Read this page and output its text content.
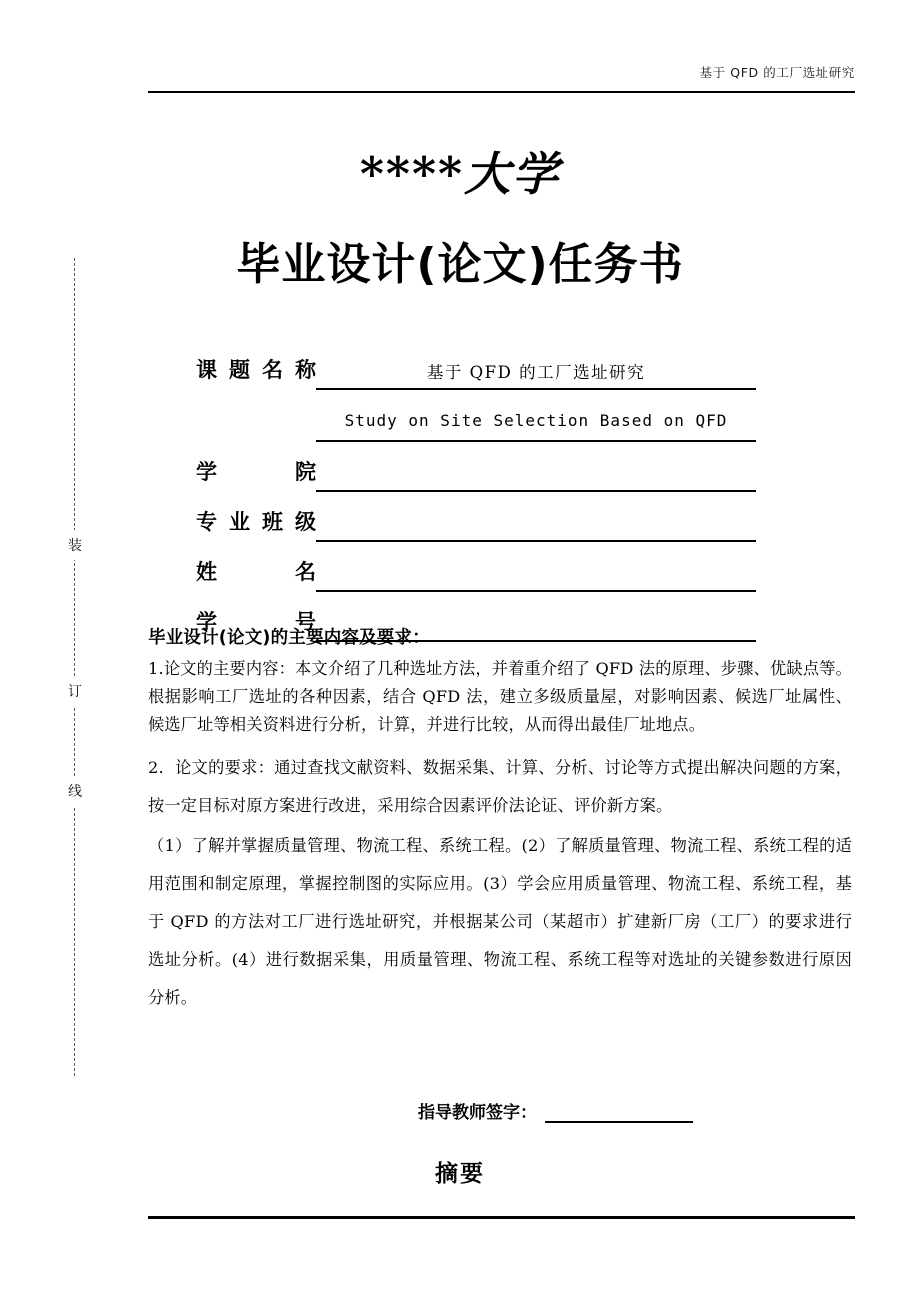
基于 QFD 的工厂选址研究
装
订
线
****大学
毕业设计(论文)任务书
课题名称	基于 QFD 的工厂选址研究
Study on Site Selection Based on QFD
学　　院
专业班级
姓　　名
学　　号
毕业设计(论文)的主要内容及要求：

1.论文的主要内容：本文介绍了几种选址方法，并着重介绍了 QFD 法的原理、步骤、优缺点等。根据影响工厂选址的各种因素，结合 QFD 法，建立多级质量屋，对影响因素、候选厂址属性、候选厂址等相关资料进行分析，计算，并进行比较，从而得出最佳厂址地点。

2．论文的要求：通过查找文献资料、数据采集、计算、分析、讨论等方式提出解决问题的方案，按一定目标对原方案进行改进，采用综合因素评价法论证、评价新方案。

（1）了解并掌握质量管理、物流工程、系统工程。(2）了解质量管理、物流工程、系统工程的适用范围和制定原理，掌握控制图的实际应用。(3）学会应用质量管理、物流工程、系统工程，基于 QFD 的方法对工厂进行选址研究，并根据某公司（某超市）扩建新厂房（工厂）的要求进行选址分析。(4）进行数据采集，用质量管理、物流工程、系统工程等对选址的关键参数进行原因分析。

指导教师签字：
摘要
